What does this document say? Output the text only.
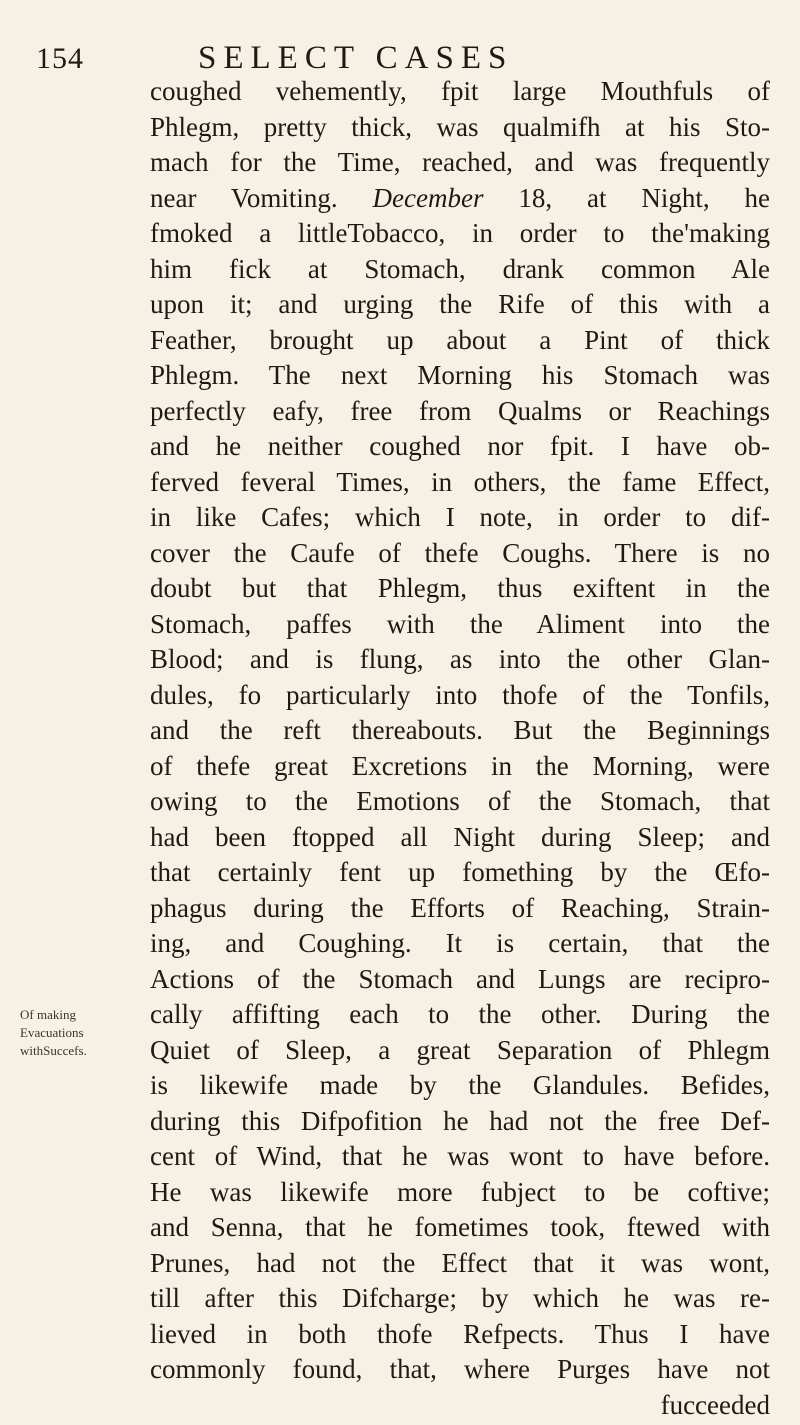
154	SELECT CASES
Of making
Evacuations
withSuccefs.
coughed vehemently, fpit large Mouthfuls of
Phlegm, pretty thick, was qualmifh at his Sto-
mach for the Time, reached, and was frequently
near Vomiting. December 18, at Night, he
fmoked a littleTobacco, in order to the'making
him fick at Stomach, drank common Ale
upon it; and urging the Rife of this with a
Feather, brought up about a Pint of thick
Phlegm. The next Morning his Stomach was
perfectly eafy, free from Qualms or Reachings
and he neither coughed nor fpit. I have ob-
ferved feveral Times, in others, the fame Effect,
in like Cafes; which I note, in order to dif-
cover the Caufe of thefe Coughs. There is no
doubt but that Phlegm, thus exiftent in the
Stomach, paffes with the Aliment into the
Blood; and is flung, as into the other Glan-
dules, fo particularly into thofe of the Tonfils,
and the reft thereabouts. But the Beginnings
of thefe great Excretions in the Morning, were
owing to the Emotions of the Stomach, that
had been ftopped all Night during Sleep; and
that certainly fent up fomething by the Œfo-
phagus during the Efforts of Reaching, Strain-
ing, and Coughing. It is certain, that the
Actions of the Stomach and Lungs are recipro-
cally affifting each to the other. During the
Quiet of Sleep, a great Separation of Phlegm
is likewife made by the Glandules. Befides,
during this Difpofition he had not the free Def-
cent of Wind, that he was wont to have before.
He was likewife more fubject to be coftive;
and Senna, that he fometimes took, ftewed with
Prunes, had not the Effect that it was wont,
till after this Difcharge; by which he was re-
lieved in both thofe Refpects. Thus I have
commonly found, that, where Purges have not
fucceeded
